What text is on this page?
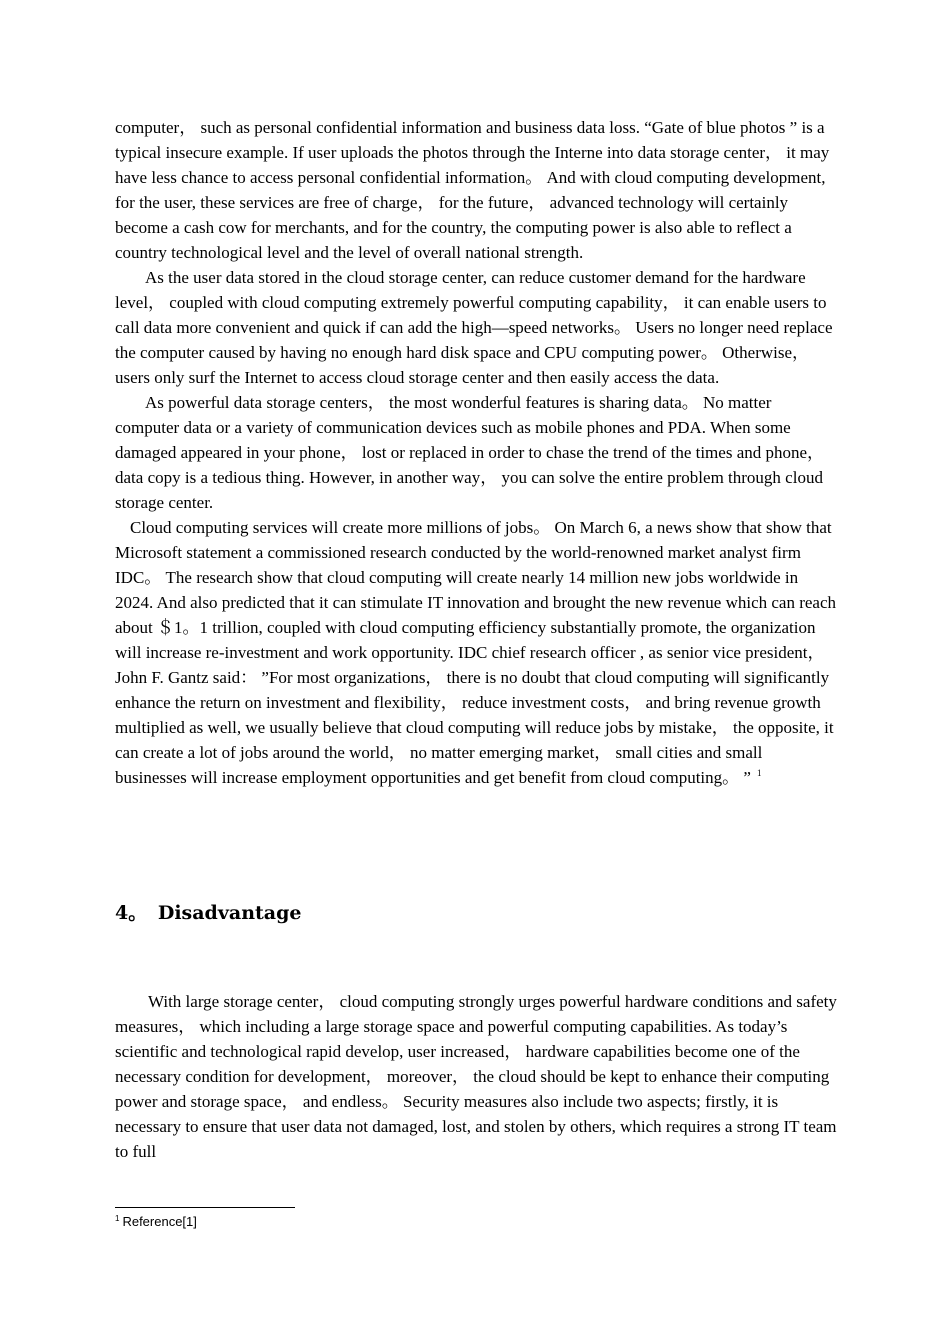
computer， such as personal confidential information and business data loss. “Gate of blue photos ” is a typical insecure example. If user uploads the photos through the Interne into data storage center， it may have less chance to access personal confidential information。 And with cloud computing development, for the user, these services are free of charge， for the future， advanced technology will certainly become a cash cow for merchants, and for the country, the computing power is also able to reflect a country technological level and the level of overall national strength.

As the user data stored in the cloud storage center, can reduce customer demand for the hardware level， coupled with cloud computing extremely powerful computing capability， it can enable users to call data more convenient and quick if can add the high—speed networks。 Users no longer need replace the computer caused by having no enough hard disk space and CPU computing power。 Otherwise， users only surf the Internet to access cloud storage center and then easily access the data.

As powerful data storage centers， the most wonderful features is sharing data。 No matter computer data or a variety of communication devices such as mobile phones and PDA. When some damaged appeared in your phone， lost or replaced in order to chase the trend of the times and phone， data copy is a tedious thing. However, in another way， you can solve the entire problem through cloud storage center.

Cloud computing services will create more millions of jobs。 On March 6, a news show that show that Microsoft statement a commissioned research conducted by the world-renowned market analyst firm IDC。 The research show that cloud computing will create nearly 14 million new jobs worldwide in 2024. And also predicted that it can stimulate IT innovation and brought the new revenue which can reach about ＄1。1 trillion, coupled with cloud computing efficiency substantially promote, the organization will increase re-investment and work opportunity. IDC chief research officer , as senior vice president， John F. Gantz said： ”For most organizations， there is no doubt that cloud computing will significantly enhance the return on investment and flexibility， reduce investment costs， and bring revenue growth multiplied as well, we usually believe that cloud computing will reduce jobs by mistake， the opposite, it can create a lot of jobs around the world， no matter emerging market， small cities and small businesses will increase employment opportunities and get benefit from cloud computing。 ” $^1$

4。 Disadvantage

With large storage center， cloud computing strongly urges powerful hardware conditions and safety measures， which including a large storage space and powerful computing capabilities. As today’s scientific and technological rapid develop, user increased， hardware capabilities become one of the necessary condition for development， moreover， the cloud should be kept to enhance their computing power and storage space， and endless。 Security measures also include two aspects; firstly, it is necessary to ensure that user data not damaged, lost, and stolen by others, which requires a strong IT team to full

$^1$ Reference[1]
